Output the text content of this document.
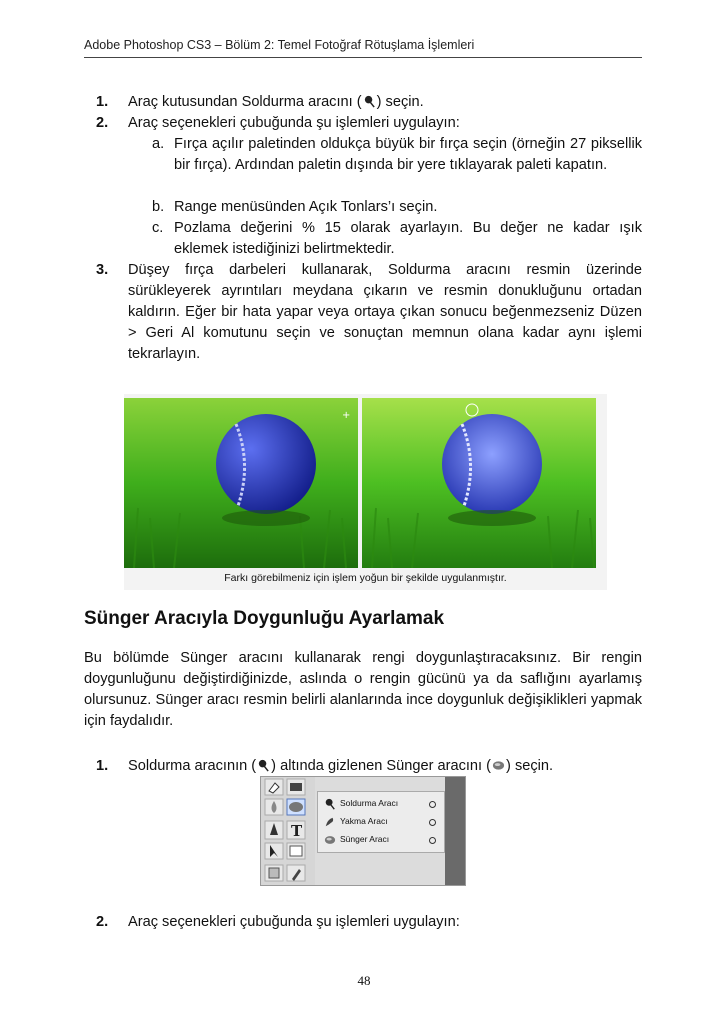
Adobe Photoshop CS3 – Bölüm 2: Temel Fotoğraf Rötuşlama İşlemleri
1. Araç kutusundan Soldurma aracını ( ) seçin.
2. Araç seçenekleri çubuğunda şu işlemleri uygulayın:
a. Fırça açılır paletinden oldukça büyük bir fırça seçin (örneğin 27 piksellik bir fırça). Ardından paletin dışında bir yere tıklayarak paleti kapatın.
b. Range menüsünden Açık Tonlars’ı seçin.
c. Pozlama değerini % 15 olarak ayarlayın. Bu değer ne kadar ışık eklemek istediğinizi belirtmektedir.
3. Düşey fırça darbeleri kullanarak, Soldurma aracını resmin üzerinde sürükleyerek ayrıntıları meydana çıkarın ve resmin donukluğunu ortadan kaldırın. Eğer bir hata yapar veya ortaya çıkan sonucu beğenmezseniz Düzen > Geri Al komutunu seçin ve sonuçtan memnun olana kadar aynı işlemi tekrarlayın.
+
Farkı görebilmeniz için işlem yoğun bir şekilde uygulanmıştır.
Sünger Aracıyla Doygunluğu Ayarlamak
Bu bölümde Sünger aracını kullanarak rengi doygunlaştıracaksınız. Bir rengin doygunluğunu değiştirdiğinizde, aslında o rengin gücünü ya da saflığını ayarlamış olursunuz. Sünger aracı resmin belirli alanlarında ince doygunluk değişiklikleri yapmak için faydalıdır.
1. Soldurma aracının ( ) altında gizlenen Sünger aracını ( ) seçin.
T
Soldurma Aracı
Yakma Aracı
Sünger Aracı
2. Araç seçenekleri çubuğunda şu işlemleri uygulayın:
48
